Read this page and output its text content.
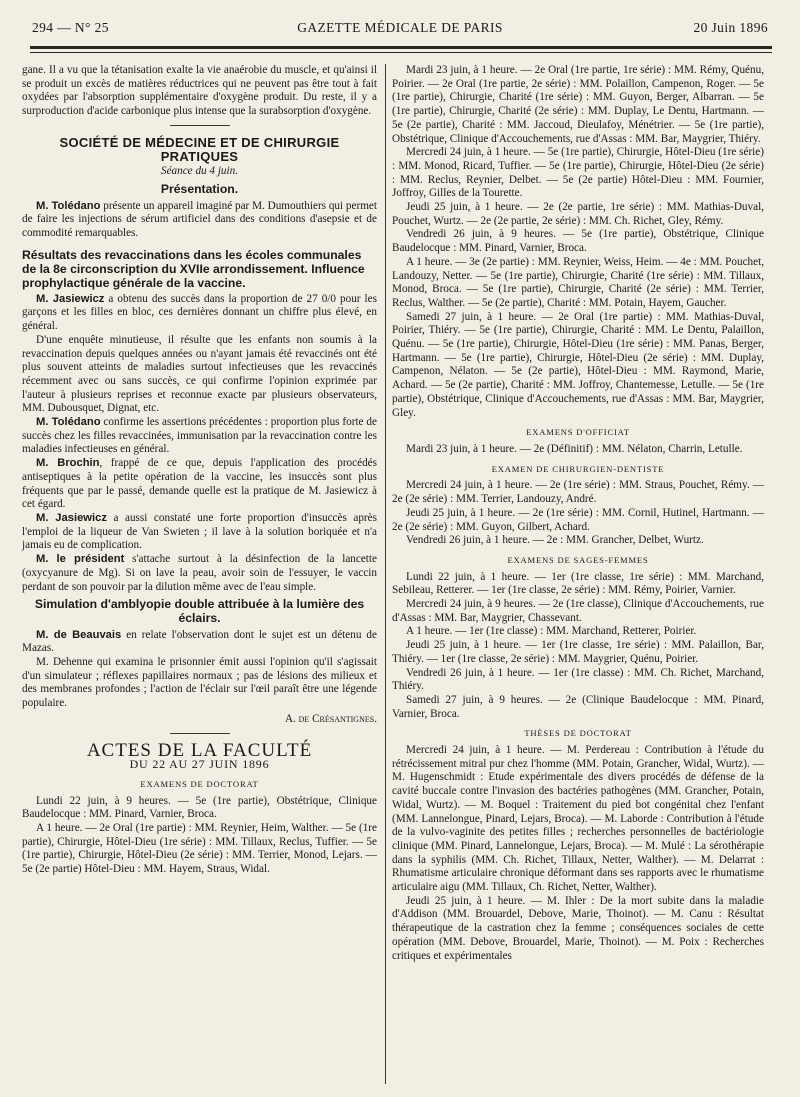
294 — N° 25	GAZETTE MÉDICALE DE PARIS	20 Juin 1896

gane. Il a vu que la tétanisation exalte la vie anaérobie du muscle, et qu'ainsi il se produit un excès de matières réductrices qui ne peuvent pas être tout à fait oxydées par l'absorption supplémentaire d'oxygène produit. Du reste, il y a surproduction d'acide carbonique plus intense que la surabsorption d'oxygène.

SOCIÉTÉ DE MÉDECINE ET DE CHIRURGIE PRATIQUES
Séance du 4 juin.
Présentation.

M. Tolédano présente un appareil imaginé par M. Dumouthiers qui permet de faire les injections de sérum artificiel dans des conditions d'asepsie et de commodité remarquables.

Résultats des revaccinations dans les écoles communales de la 8e circonscription du XVIIe arrondissement. Influence prophylactique générale de la vaccine.

M. Jasiewicz a obtenu des succès dans la proportion de 27 0/0 pour les garçons et les filles en bloc, ces dernières donnant un chiffre plus élevé, en général.

D'une enquête minutieuse, il résulte que les enfants non soumis à la revaccination depuis quelques années ou n'ayant jamais été revaccinés ont été plus souvent atteints de maladies surtout infectieuses que les revaccinés récemment avec ou sans succès, ce qui confirme l'opinion exprimée par l'auteur à plusieurs reprises et reconnue exacte par plusieurs observateurs, MM. Dubousquet, Dignat, etc.

M. Tolédano confirme les assertions précédentes : proportion plus forte de succès chez les filles revaccinées, immunisation par la revaccination contre les maladies infectieuses en général.

M. Brochin, frappé de ce que, depuis l'application des procédés antiseptiques à la petite opération de la vaccine, les insuccès sont plus fréquents que par le passé, demande quelle est la pratique de M. Jasiewicz à cet égard.

M. Jasiewicz a aussi constaté une forte proportion d'insuccès après l'emploi de la liqueur de Van Swieten ; il lave à la solution boriquée et n'a jamais eu de complication.

M. le président s'attache surtout à la désinfection de la lancette (oxycyanure de Mg). Si on lave la peau, avoir soin de l'essuyer, le vaccin perdant de son pouvoir par la dilution même avec de l'eau simple.

Simulation d'amblyopie double attribuée à la lumière des éclairs.

M. de Beauvais en relate l'observation dont le sujet est un détenu de Mazas.

M. Dehenne qui examina le prisonnier émit aussi l'opinion qu'il s'agissait d'un simulateur ; réflexes papillaires normaux ; pas de lésions des milieux et des membranes profondes ; l'action de l'éclair sur l'œil paraît être une légende populaire.

A. de Crésantignes.
ACTES DE LA FACULTÉ
DU 22 AU 27 JUIN 1896
EXAMENS DE DOCTORAT

Lundi 22 juin, à 9 heures. — 5e (1re partie), Obstétrique, Clinique Baudelocque : MM. Pinard, Varnier, Broca.

A 1 heure. — 2e Oral (1re partie) : MM. Reynier, Heim, Walther. — 5e (1re partie), Chirurgie, Hôtel-Dieu (1re série) : MM. Tillaux, Reclus, Tuffier. — 5e (1re partie), Chirurgie, Hôtel-Dieu (2e série) : MM. Terrier, Monod, Lejars. — 5e (2e partie) Hôtel-Dieu : MM. Hayem, Straus, Widal.

Mardi 23 juin, à 1 heure. — 2e Oral (1re partie, 1re série) : MM. Rémy, Quénu, Poirier. — 2e Oral (1re partie, 2e série) : MM. Polaillon, Campenon, Roger. — 5e (1re partie), Chirurgie, Charité (1re série) : MM. Guyon, Berger, Albarran. — 5e (1re partie), Chirurgie, Charité (2e série) : MM. Duplay, Le Dentu, Hartmann. — 5e (2e partie), Charité : MM. Jaccoud, Dieulafoy, Ménétrier. — 5e (1re partie), Obstétrique, Clinique d'Accouchements, rue d'Assas : MM. Bar, Maygrier, Thiéry.

Mercredi 24 juin, à 1 heure. — 5e (1re partie), Chirurgie, Hôtel-Dieu (1re série) : MM. Monod, Ricard, Tuffier. — 5e (1re partie), Chirurgie, Hôtel-Dieu (2e série) : MM. Reclus, Reynier, Delbet. — 5e (2e partie) Hôtel-Dieu : MM. Fournier, Joffroy, Gilles de la Tourette.

Jeudi 25 juin, à 1 heure. — 2e (2e partie, 1re série) : MM. Mathias-Duval, Pouchet, Wurtz. — 2e (2e partie, 2e série) : MM. Ch. Richet, Gley, Rémy.

Vendredi 26 juin, à 9 heures. — 5e (1re partie), Obstétrique, Clinique Baudelocque : MM. Pinard, Varnier, Broca.

A 1 heure. — 3e (2e partie) : MM. Reynier, Weiss, Heim. — 4e : MM. Pouchet, Landouzy, Netter. — 5e (1re partie), Chirurgie, Charité (1re série) : MM. Tillaux, Monod, Broca. — 5e (1re partie), Chirurgie, Charité (2e série) : MM. Terrier, Reclus, Walther. — 5e (2e partie), Charité : MM. Potain, Hayem, Gaucher.

Samedi 27 juin, à 1 heure. — 2e Oral (1re partie) : MM. Mathias-Duval, Poirier, Thiéry. — 5e (1re partie), Chirurgie, Charité : MM. Le Dentu, Palaillon, Quénu. — 5e (1re partie), Chirurgie, Hôtel-Dieu (1re série) : MM. Panas, Berger, Hartmann. — 5e (1re partie), Chirurgie, Hôtel-Dieu (2e série) : MM. Duplay, Campenon, Nélaton. — 5e (2e partie), Hôtel-Dieu : MM. Raymond, Marie, Achard. — 5e (2e partie), Charité : MM. Joffroy, Chantemesse, Letulle. — 5e (1re partie), Obstétrique, Clinique d'Accouchements, rue d'Assas : MM. Bar, Maygrier, Gley.

EXAMENS D'OFFICIAT

Mardi 23 juin, à 1 heure. — 2e (Définitif) : MM. Nélaton, Charrin, Letulle.

EXAMEN DE CHIRURGIEN-DENTISTE

Mercredi 24 juin, à 1 heure. — 2e (1re série) : MM. Straus, Pouchet, Rémy. — 2e (2e série) : MM. Terrier, Landouzy, André.

Jeudi 25 juin, à 1 heure. — 2e (1re série) : MM. Cornil, Hutinel, Hartmann. — 2e (2e série) : MM. Guyon, Gilbert, Achard.

Vendredi 26 juin, à 1 heure. — 2e : MM. Grancher, Delbet, Wurtz.

EXAMENS DE SAGES-FEMMES

Lundi 22 juin, à 1 heure. — 1er (1re classe, 1re série) : MM. Marchand, Sebileau, Retterer. — 1er (1re classe, 2e série) : MM. Rémy, Poirier, Varnier.

Mercredi 24 juin, à 9 heures. — 2e (1re classe), Clinique d'Accouchements, rue d'Assas : MM. Bar, Maygrier, Chassevant.

A 1 heure. — 1er (1re classe) : MM. Marchand, Retterer, Poirier.

Jeudi 25 juin, à 1 heure. — 1er (1re classe, 1re série) : MM. Palaillon, Bar, Thiéry. — 1er (1re classe, 2e série) : MM. Maygrier, Quénu, Poirier.

Vendredi 26 juin, à 1 heure. — 1er (1re classe) : MM. Ch. Richet, Marchand, Thiéry.

Samedi 27 juin, à 9 heures. — 2e (Clinique Baudelocque : MM. Pinard, Varnier, Broca.

THÈSES DE DOCTORAT

Mercredi 24 juin, à 1 heure. — M. Perdereau : Contribution à l'étude du rétrécissement mitral pur chez l'homme (MM. Potain, Grancher, Widal, Wurtz). — M. Hugenschmidt : Etude expérimentale des divers procédés de défense de la cavité buccale contre l'invasion des bactéries pathogènes (MM. Grancher, Potain, Widal, Wurtz). — M. Boquel : Traitement du pied bot congénital chez l'enfant (MM. Lannelongue, Pinard, Lejars, Broca). — M. Laborde : Contribution à l'étude de la vulvo-vaginite des petites filles ; recherches personnelles de bactériologie clinique (MM. Pinard, Lannelongue, Lejars, Broca). — M. Mulé : La sérothérapie dans la syphilis (MM. Ch. Richet, Tillaux, Netter, Walther). — M. Delarrat : Rhumatisme articulaire chronique déformant dans ses rapports avec le rhumatisme articulaire aigu (MM. Tillaux, Ch. Richet, Netter, Walther).

Jeudi 25 juin, à 1 heure. — M. Ihler : De la mort subite dans la maladie d'Addison (MM. Brouardel, Debove, Marie, Thoinot). — M. Canu : Résultat thérapeutique de la castration chez la femme ; conséquences sociales de cette opération (MM. Debove, Brouardel, Marie, Thoinot). — M. Poix : Recherches critiques et expérimentales
